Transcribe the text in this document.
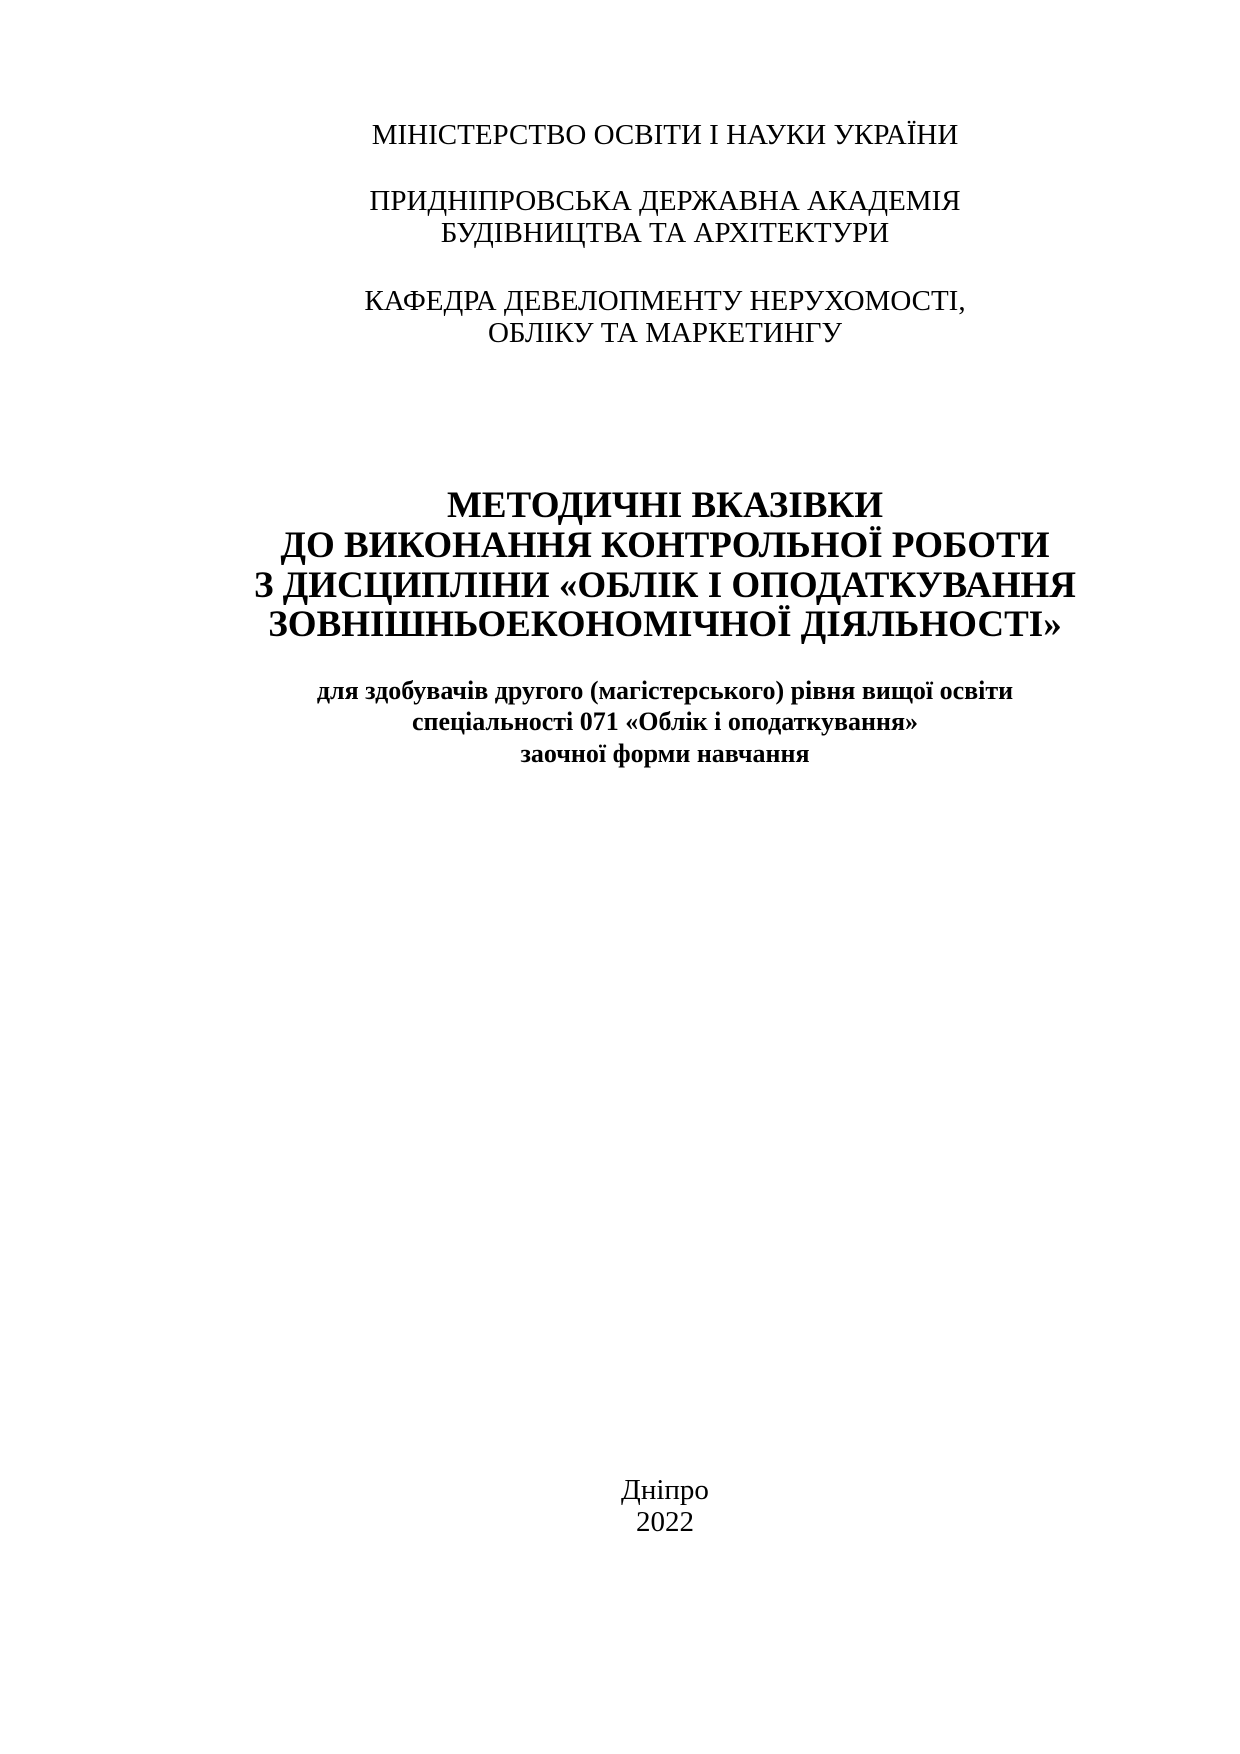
МІНІСТЕРСТВО ОСВІТИ І НАУКИ УКРАЇНИ
ПРИДНІПРОВСЬКА ДЕРЖАВНА АКАДЕМІЯ
БУДІВНИЦТВА ТА АРХІТЕКТУРИ
КАФЕДРА ДЕВЕЛОПМЕНТУ НЕРУХОМОСТІ,
ОБЛІКУ ТА МАРКЕТИНГУ
МЕТОДИЧНІ ВКАЗІВКИ
ДО ВИКОНАННЯ КОНТРОЛЬНОЇ РОБОТИ
З ДИСЦИПЛІНИ «ОБЛІК І ОПОДАТКУВАННЯ
ЗОВНІШНЬОЕКОНОМІЧНОЇ ДІЯЛЬНОСТІ»
для здобувачів другого (магістерського) рівня вищої освіти
спеціальності 071 «Облік і оподаткування»
заочної форми навчання
Дніпро
2022
